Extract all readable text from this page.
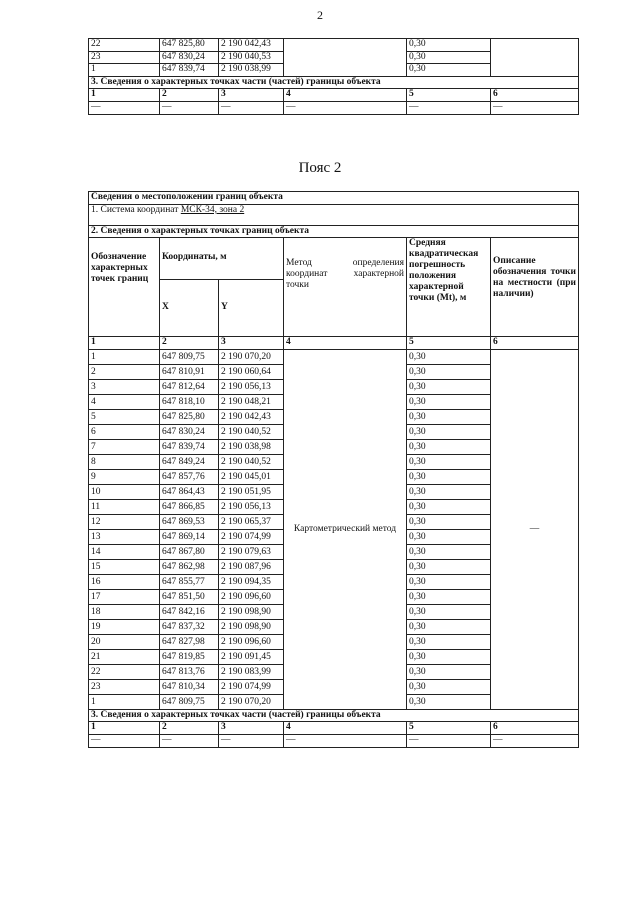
2
22	647 825,80	2 190 042,43		0,30	
23	647 830,24	2 190 040,53		0,30	
1	647 839,74	2 190 038,99		0,30	
3. Сведения о характерных точках части (частей) границы объекта					
1	2	3	4	5	6
—	—	—	—	—	—
Пояс 2
Сведения о местоположении границ объекта					
1. Система координат МСК-34, зона 2					
2. Сведения о характерных точках границ объекта					
Обозначение характерных точек границ	Координаты, м		Метод определения координат характерной точки	Средняя квадратическая погрешность положения характерной точки (Mt), м	Описание обозначения точки на местности (при наличии)
	X	Y			
1	2	3	4	5	6
1	647 809,75	2 190 070,20	Картометрический метод	0,30	—
2	647 810,91	2 190 060,64		0,30	
3	647 812,64	2 190 056,13		0,30	
4	647 818,10	2 190 048,21		0,30	
5	647 825,80	2 190 042,43		0,30	
6	647 830,24	2 190 040,52		0,30	
7	647 839,74	2 190 038,98		0,30	
8	647 849,24	2 190 040,52		0,30	
9	647 857,76	2 190 045,01		0,30	
10	647 864,43	2 190 051,95		0,30	
11	647 866,85	2 190 056,13		0,30	
12	647 869,53	2 190 065,37		0,30	
13	647 869,14	2 190 074,99		0,30	
14	647 867,80	2 190 079,63		0,30	
15	647 862,98	2 190 087,96		0,30	
16	647 855,77	2 190 094,35		0,30	
17	647 851,50	2 190 096,60		0,30	
18	647 842,16	2 190 098,90		0,30	
19	647 837,32	2 190 098,90		0,30	
20	647 827,98	2 190 096,60		0,30	
21	647 819,85	2 190 091,45		0,30	
22	647 813,76	2 190 083,99		0,30	
23	647 810,34	2 190 074,99		0,30	
1	647 809,75	2 190 070,20		0,30	
3. Сведения о характерных точках части (частей) границы объекта					
1	2	3	4	5	6
—	—	—	—	—	—
